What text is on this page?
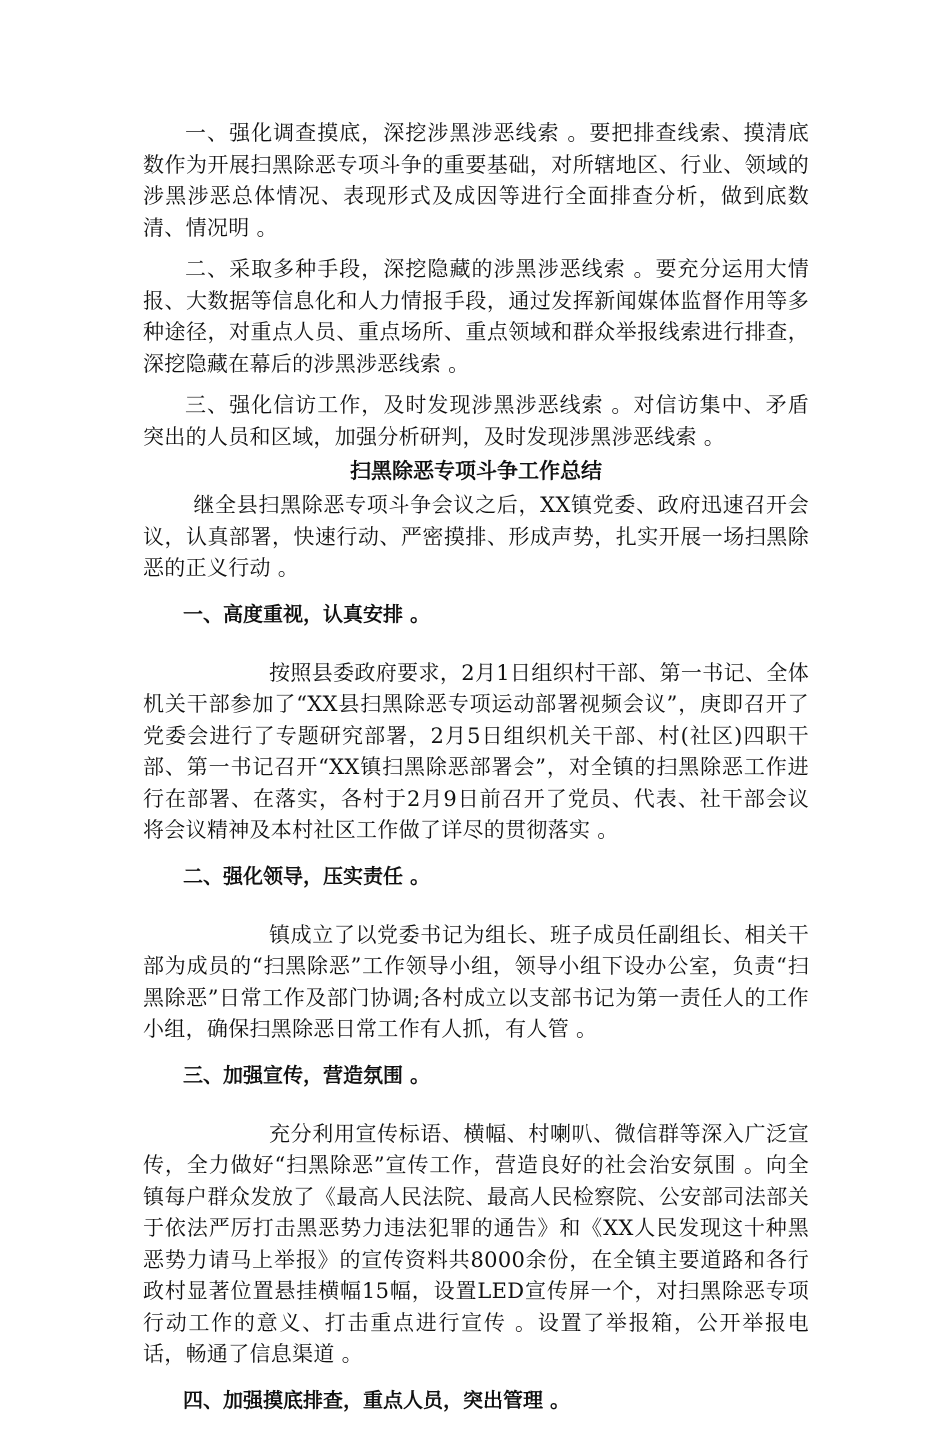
一、强化调查摸底，深挖涉黑涉恶线索 。要把排查线索、摸清底数作为开展扫黑除恶专项斗争的重要基础，对所辖地区、行业、领域的涉黑涉恶总体情况、表现形式及成因等进行全面排查分析，做到底数清、情况明 。

二、采取多种手段，深挖隐藏的涉黑涉恶线索 。要充分运用大情报、大数据等信息化和人力情报手段，通过发挥新闻媒体监督作用等多种途径，对重点人员、重点场所、重点领域和群众举报线索进行排查，深挖隐藏在幕后的涉黑涉恶线索 。

三、强化信访工作，及时发现涉黑涉恶线索 。对信访集中、矛盾突出的人员和区域，加强分析研判，及时发现涉黑涉恶线索 。

扫黑除恶专项斗争工作总结

继全县扫黑除恶专项斗争会议之后，XX镇党委、政府迅速召开会议，认真部署，快速行动、严密摸排、形成声势，扎实开展一场扫黑除恶的正义行动 。

一、高度重视，认真安排 。

按照县委政府要求，2月1日组织村干部、第一书记、全体机关干部参加了“XX县扫黑除恶专项运动部署视频会议”，庚即召开了党委会进行了专题研究部署，2月5日组织机关干部、村(社区)四职干部、第一书记召开“XX镇扫黑除恶部署会”，对全镇的扫黑除恶工作进行在部署、在落实，各村于2月9日前召开了党员、代表、社干部会议将会议精神及本村社区工作做了详尽的贯彻落实 。

二、强化领导，压实责任 。

镇成立了以党委书记为组长、班子成员任副组长、相关干部为成员的“扫黑除恶”工作领导小组，领导小组下设办公室，负责“扫黑除恶”日常工作及部门协调;各村成立以支部书记为第一责任人的工作小组，确保扫黑除恶日常工作有人抓，有人管 。

三、加强宣传，营造氛围 。

充分利用宣传标语、横幅、村喇叭、微信群等深入广泛宣传，全力做好“扫黑除恶”宣传工作，营造良好的社会治安氛围 。向全镇每户群众发放了《最高人民法院、最高人民检察院、公安部司法部关于依法严厉打击黑恶势力违法犯罪的通告》和《XX人民发现这十种黑恶势力请马上举报》的宣传资料共8000余份，在全镇主要道路和各行政村显著位置悬挂横幅15幅，设置LED宣传屏一个，对扫黑除恶专项行动工作的意义、打击重点进行宣传 。设置了举报箱，公开举报电话，畅通了信息渠道 。

四、加强摸底排查，重点人员，突出管理 。
